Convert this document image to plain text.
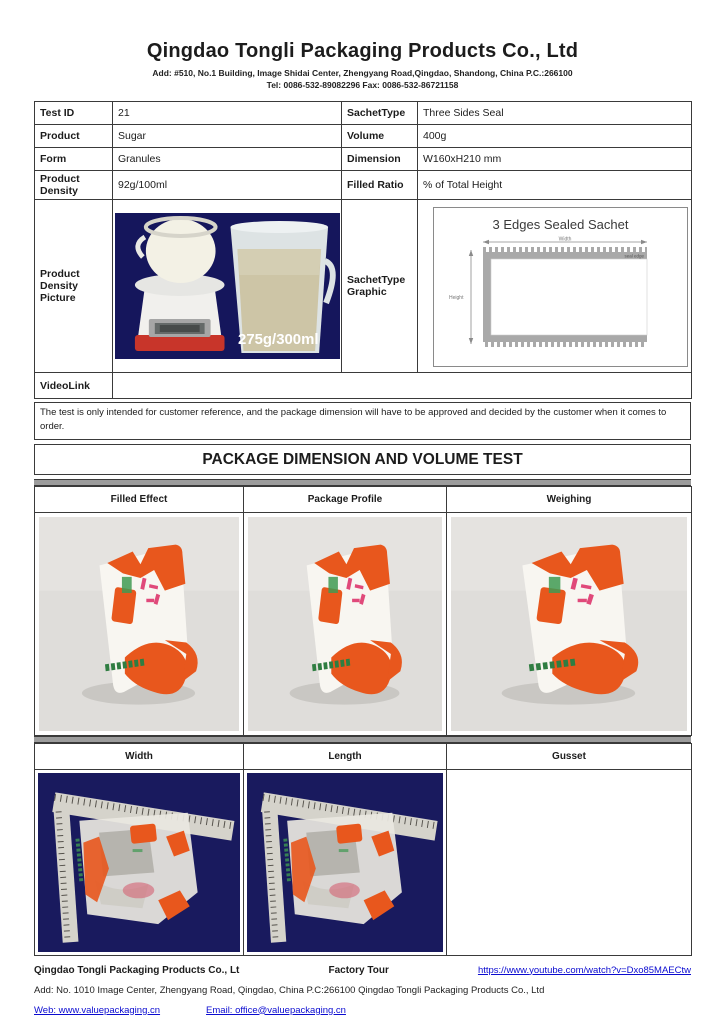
Qingdao Tongli Packaging Products Co., Ltd
Add: #510, No.1 Building, Image Shidai Center, Zhengyang Road,Qingdao, Shandong, China P.C.:266100
Tel: 0086-532-89082296 Fax: 0086-532-86721158
Test ID	21	SachetType	Three Sides Seal
Product	Sugar	Volume	400g
Form	Granules	Dimension	W160xH210 mm
Product Density	92g/100ml	Filled Ratio	% of Total Height
Product Density Picture	275g/300ml	SachetType Graphic	3 Edges Sealed Sachet
Width
Height
seal edge

VideoLink			
The test is only intended for customer reference, and the package dimension will have to be approved and decided by the customer when it comes to order.
PACKAGE DIMENSION AND VOLUME TEST
Filled Effect	Package Profile	Weighing

Width	Length	Gusset

Qingdao Tongli Packaging Products Co., Lt	Factory Tour	https://www.youtube.com/watch?v=Dxo85MAECtw
Add: No. 1010 Image Center, Zhengyang Road, Qingdao, China P.C:266100 Qingdao Tongli Packaging Products Co., Ltd
Web: www.valuepackaging.cn	Email: office@valuepackaging.cn
